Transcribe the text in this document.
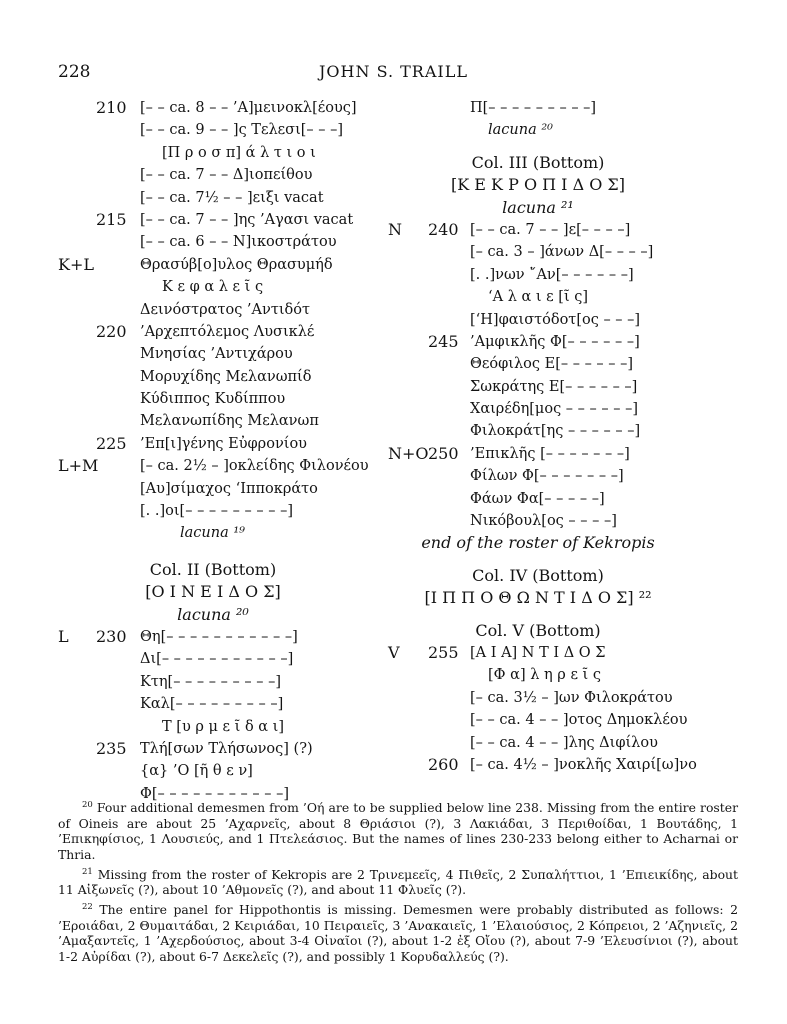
228	JOHN S. TRAILL
210 [– – ca. 8 – – ’Α]μεινοκλ[έους]
[– – ca. 9 – – ]ς Τελεσι[– – –]
[Π ρ ο σ π] ά λ τ ι ο ι
[– – ca. 7 – – Δ]ιοπείθου
[– – ca. 7½ – – ]ειξι vacat
215 [– – ca. 7 – – ]ης ’Αγασι vacat
[– – ca. 6 – – Ν]ικοστράτου
K+L	Θρασύβ[ο]υλος Θρασυμήδ
Κ ε φ α λ ε ῖ ς
Δεινόστρατος ’Αντιδότ
220 ’Αρχεπτόλεμος Λυσικλέ
Μνησίας ’Αντιχάρου
Μορυχίδης Μελανωπίδ
Κύδιππος Κυδίππου
Μελανωπίδης Μελανωπ
225 ’Επ[ι]γένης Εὐφρονίου
L+M	[– ca. 2½ – ]οκλείδης Φιλονέου
[Αυ]σίμαχος ‘Ιπποκράτο
[. .]οι[– – – – – – – – –]
lacuna ¹⁹
Col. II (Bottom)
[Ο Ι Ν Ε Ι Δ Ο Σ]
lacuna ²⁰
L 230 Θη[– – – – – – – – – – –]
Δι[– – – – – – – – – – –]
Κτη[– – – – – – – – –]
Καλ[– – – – – – – – –]
Τ [υ ρ μ ε ῖ δ α ι]
235 Τλή[σων Τλήσωνος] (?)
{α} ’Ο [ῆ θ ε ν]
Φ[– – – – – – – – – – –]
Π[– – – – – – – – –]
lacuna ²⁰
Col. III (Bottom)
[Κ Ε Κ Ρ Ο Π Ι Δ Ο Σ]
lacuna ²¹
N 240 [– – ca. 7 – – ]ε[– – – –]
[– ca. 3 – ]άνων Δ[– – – –]
[. .]νων ῎Αν[– – – – – –]
‘Α λ α ι ε [ῖ ς]
[‘Η]φαιστόδοτ[ος – – –]
245 ’Αμφικλῆς Φ[– – – – – –]
Θεόφιλος Ε[– – – – – –]
Σωκράτης Ε[– – – – – –]
Χαιρέδη[μος – – – – – –]
Φιλοκράτ[ης – – – – – –]
N+O 250 ’Επικλῆς [– – – – – – –]
Φίλων Φ[– – – – – – –]
Φάων Φα[– – – – –]
Νικόβουλ[ος – – – –]
end of the roster of Kekropis
Col. IV (Bottom)
[Ι Π Π Ο Θ Ω Ν Τ Ι Δ Ο Σ] ²²
Col. V (Bottom)
V 255 [Α Ι Α] Ν Τ Ι Δ Ο Σ
[Φ α] λ η ρ ε ῖ ς
[– ca. 3½ – ]ων Φιλοκράτου
[– – ca. 4 – – ]οτος Δημοκλέου
[– – ca. 4 – – ]λης Διφίλου
260 [– ca. 4½ – ]νοκλῆς Χαιρί[ω]νο

$^{20}$ Four additional demesmen from ’Οή are to be supplied below line 238. Missing from the entire roster of Oineis are about 25 ’Αχαρνεῖς, about 8 Θριάσιοι (?), 3 Λακιάδαι, 3 Περιθοίδαι, 1 Βουτάδης, 1 ’Επικηφίσιος, 1 Λουσιεύς, and 1 Πτελεάσιος. But the names of lines 230-233 belong either to Acharnai or Thria.

$^{21}$ Missing from the roster of Kekropis are 2 Τρινεμεεῖς, 4 Πιθεῖς, 2 Συπαλήττιοι, 1 ’Επιεικίδης, about 11 Αἰξωνεῖς (?), about 10 ’Αθμονεῖς (?), and about 11 Φλυεῖς (?).

$^{22}$ The entire panel for Hippothontis is missing. Demesmen were probably distributed as follows: 2 ’Εροιάδαι, 2 Θυμαιτάδαι, 2 Κειριάδαι, 10 Πειραιεῖς, 3 ’Ανακαιεῖς, 1 ’Ελαιούσιος, 2 Κόπρειοι, 2 ’Αζηνιεῖς, 2 ’Αμαξαντεῖς, 1 ’Αχερδούσιος, about 3-4 Οἰναῖοι (?), about 1-2 ἐξ Οἴου (?), about 7-9 ’Ελευσίνιοι (?), about 1-2 Αὐρίδαι (?), about 6-7 Δεκελεῖς (?), and possibly 1 Κορυδαλλεύς (?).
